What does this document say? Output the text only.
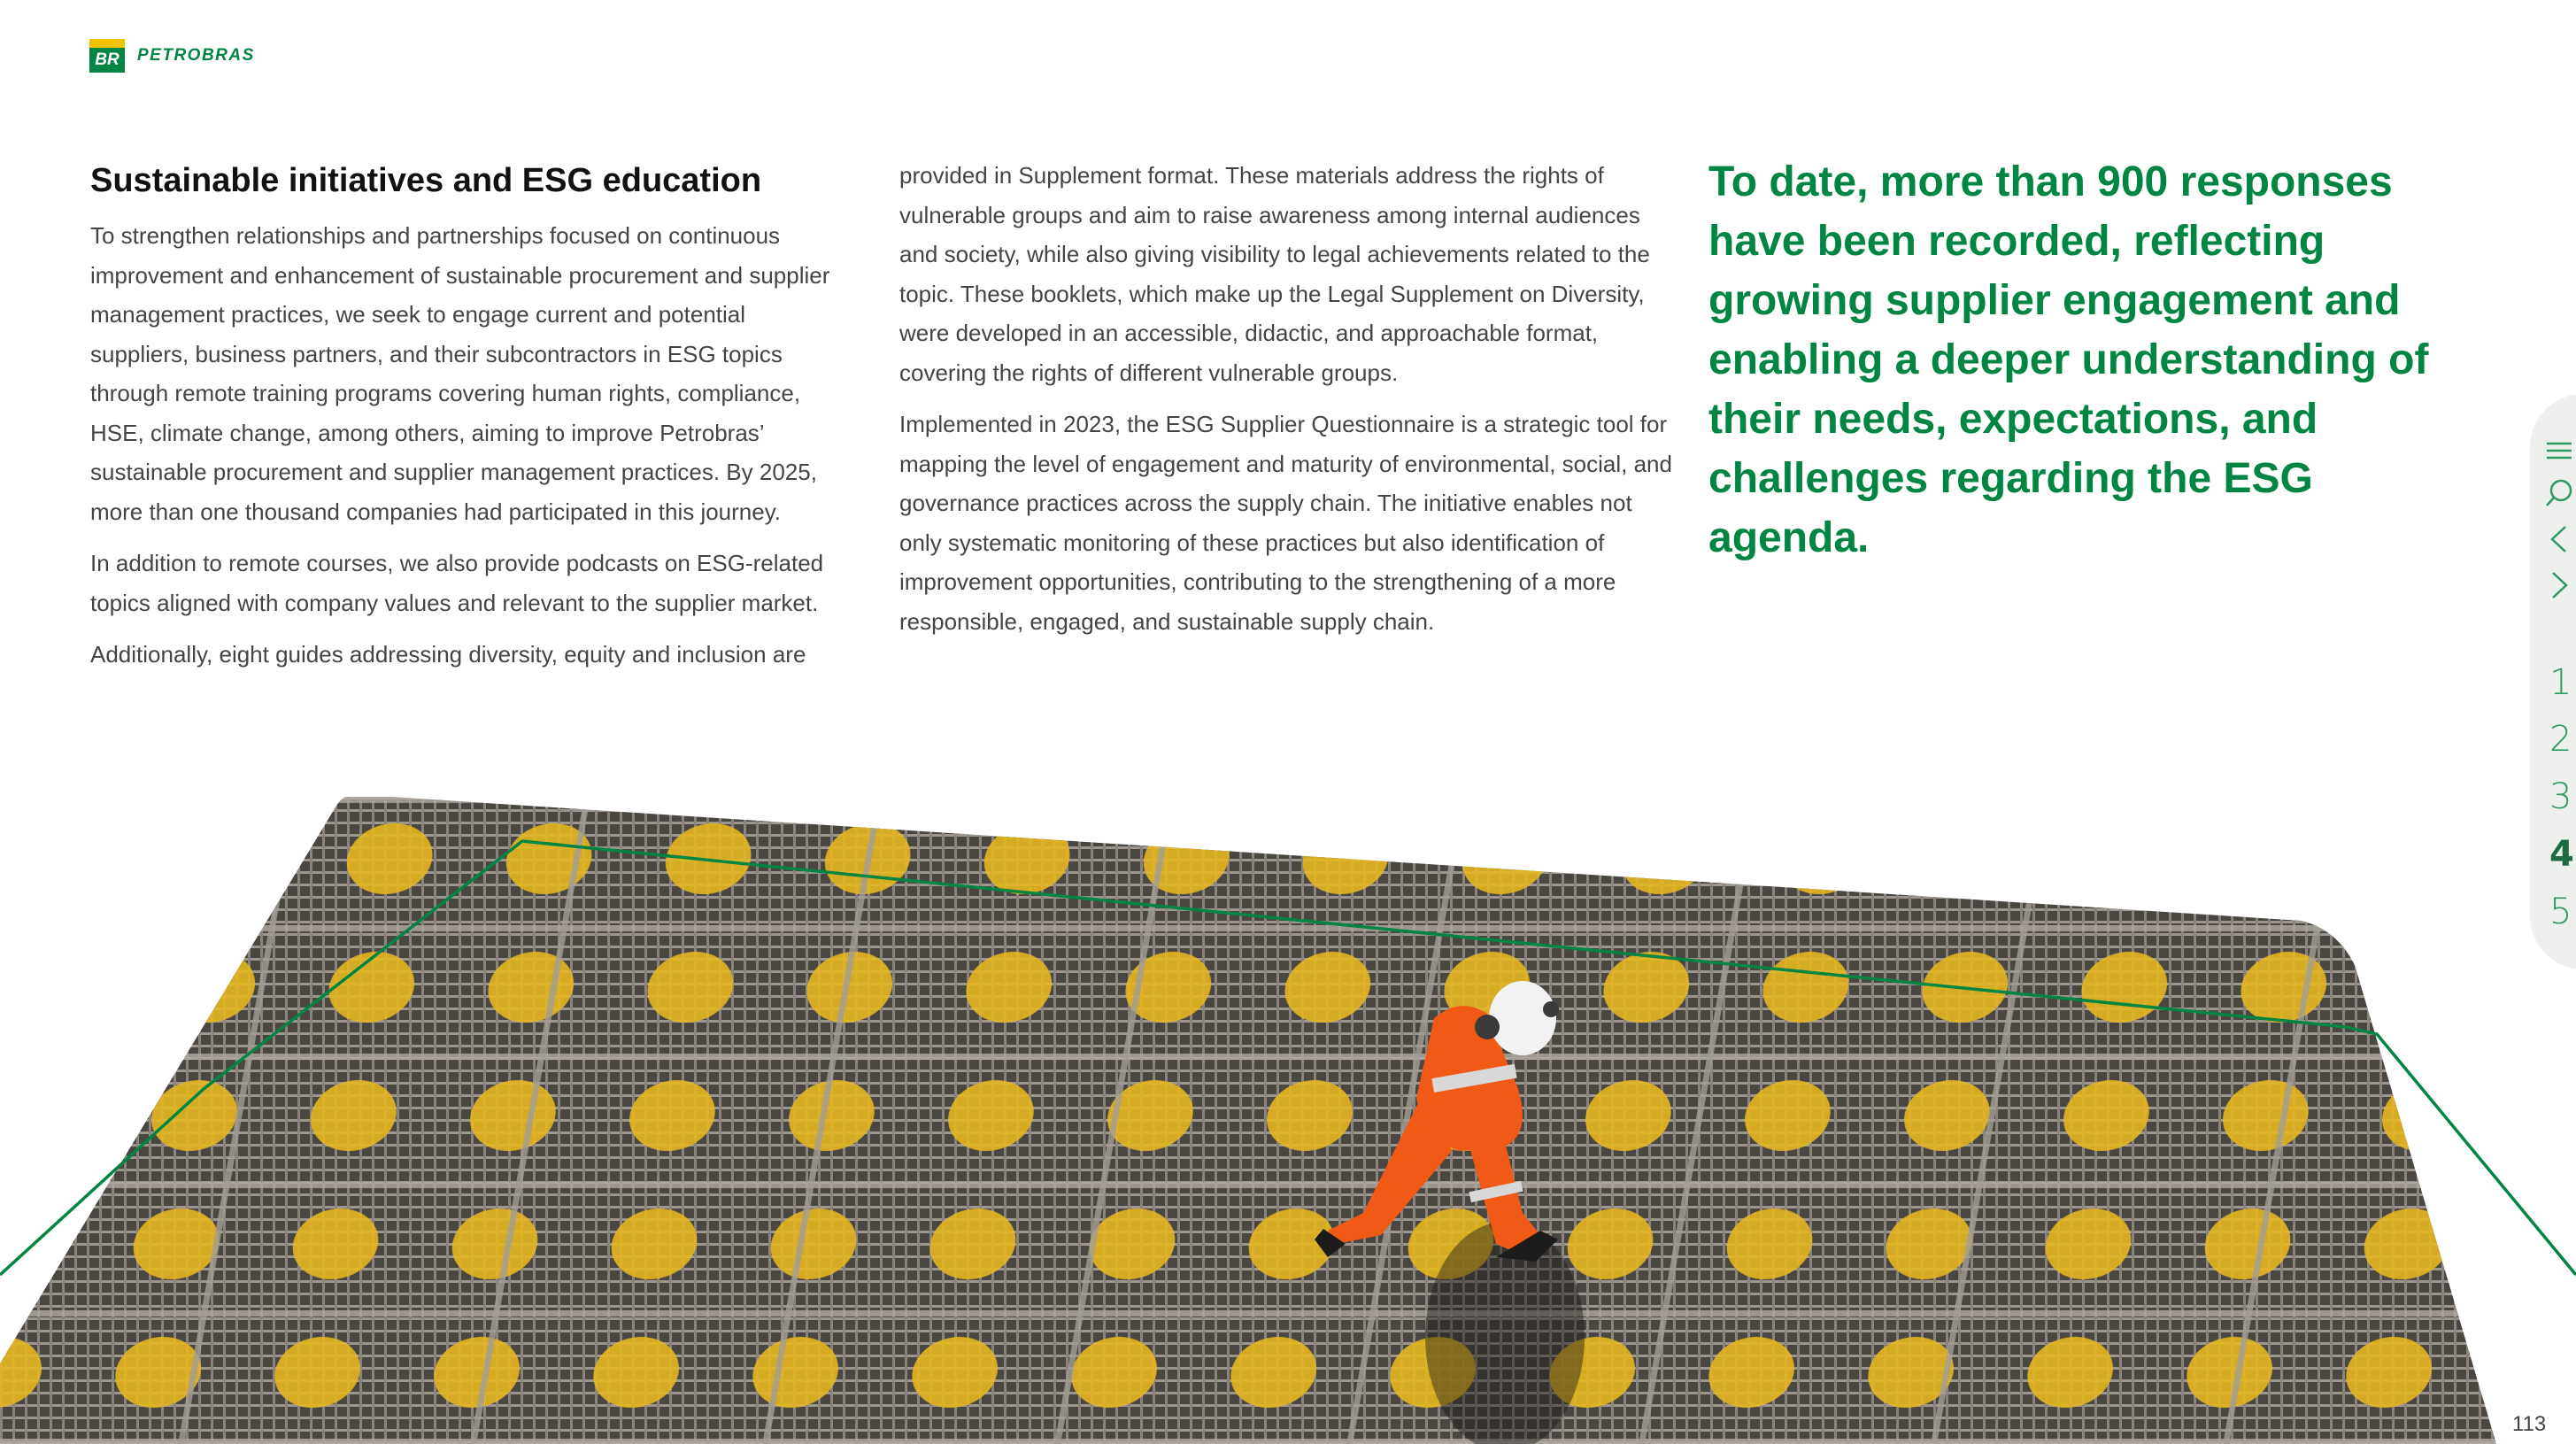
BR	PETROBRAS
Sustainable initiatives and ESG education

To strengthen relationships and partnerships focused on continuous improvement and enhancement of sustainable procurement and supplier management practices, we seek to engage current and potential suppliers, business partners, and their subcontractors in ESG topics through remote training programs covering human rights, compliance, HSE, climate change, among others, aiming to improve Petrobras’ sustainable procurement and supplier management practices. By 2025, more than one thousand companies had participated in this journey.

In addition to remote courses, we also provide podcasts on ESG-related topics aligned with company values and relevant to the supplier market.

Additionally, eight guides addressing diversity, equity and inclusion are

provided in Supplement format. These materials address the rights of vulnerable groups and aim to raise awareness among internal audiences and society, while also giving visibility to legal achievements related to the topic. These booklets, which make up the Legal Supplement on Diversity, were developed in an accessible, didactic, and approachable format, covering the rights of different vulnerable groups.

Implemented in 2023, the ESG Supplier Questionnaire is a strategic tool for mapping the level of engagement and maturity of environmental, social, and governance practices across the supply chain. The initiative enables not only systematic monitoring of these practices but also identification of improvement opportunities, contributing to the strengthening of a more responsible, engaged, and sustainable supply chain.

To date, more than 900 responses have been recorded, reflecting growing supplier engagement and enabling a deeper understanding of their needs, expectations, and challenges regarding the ESG agenda.
1
2
3
4
5
113
